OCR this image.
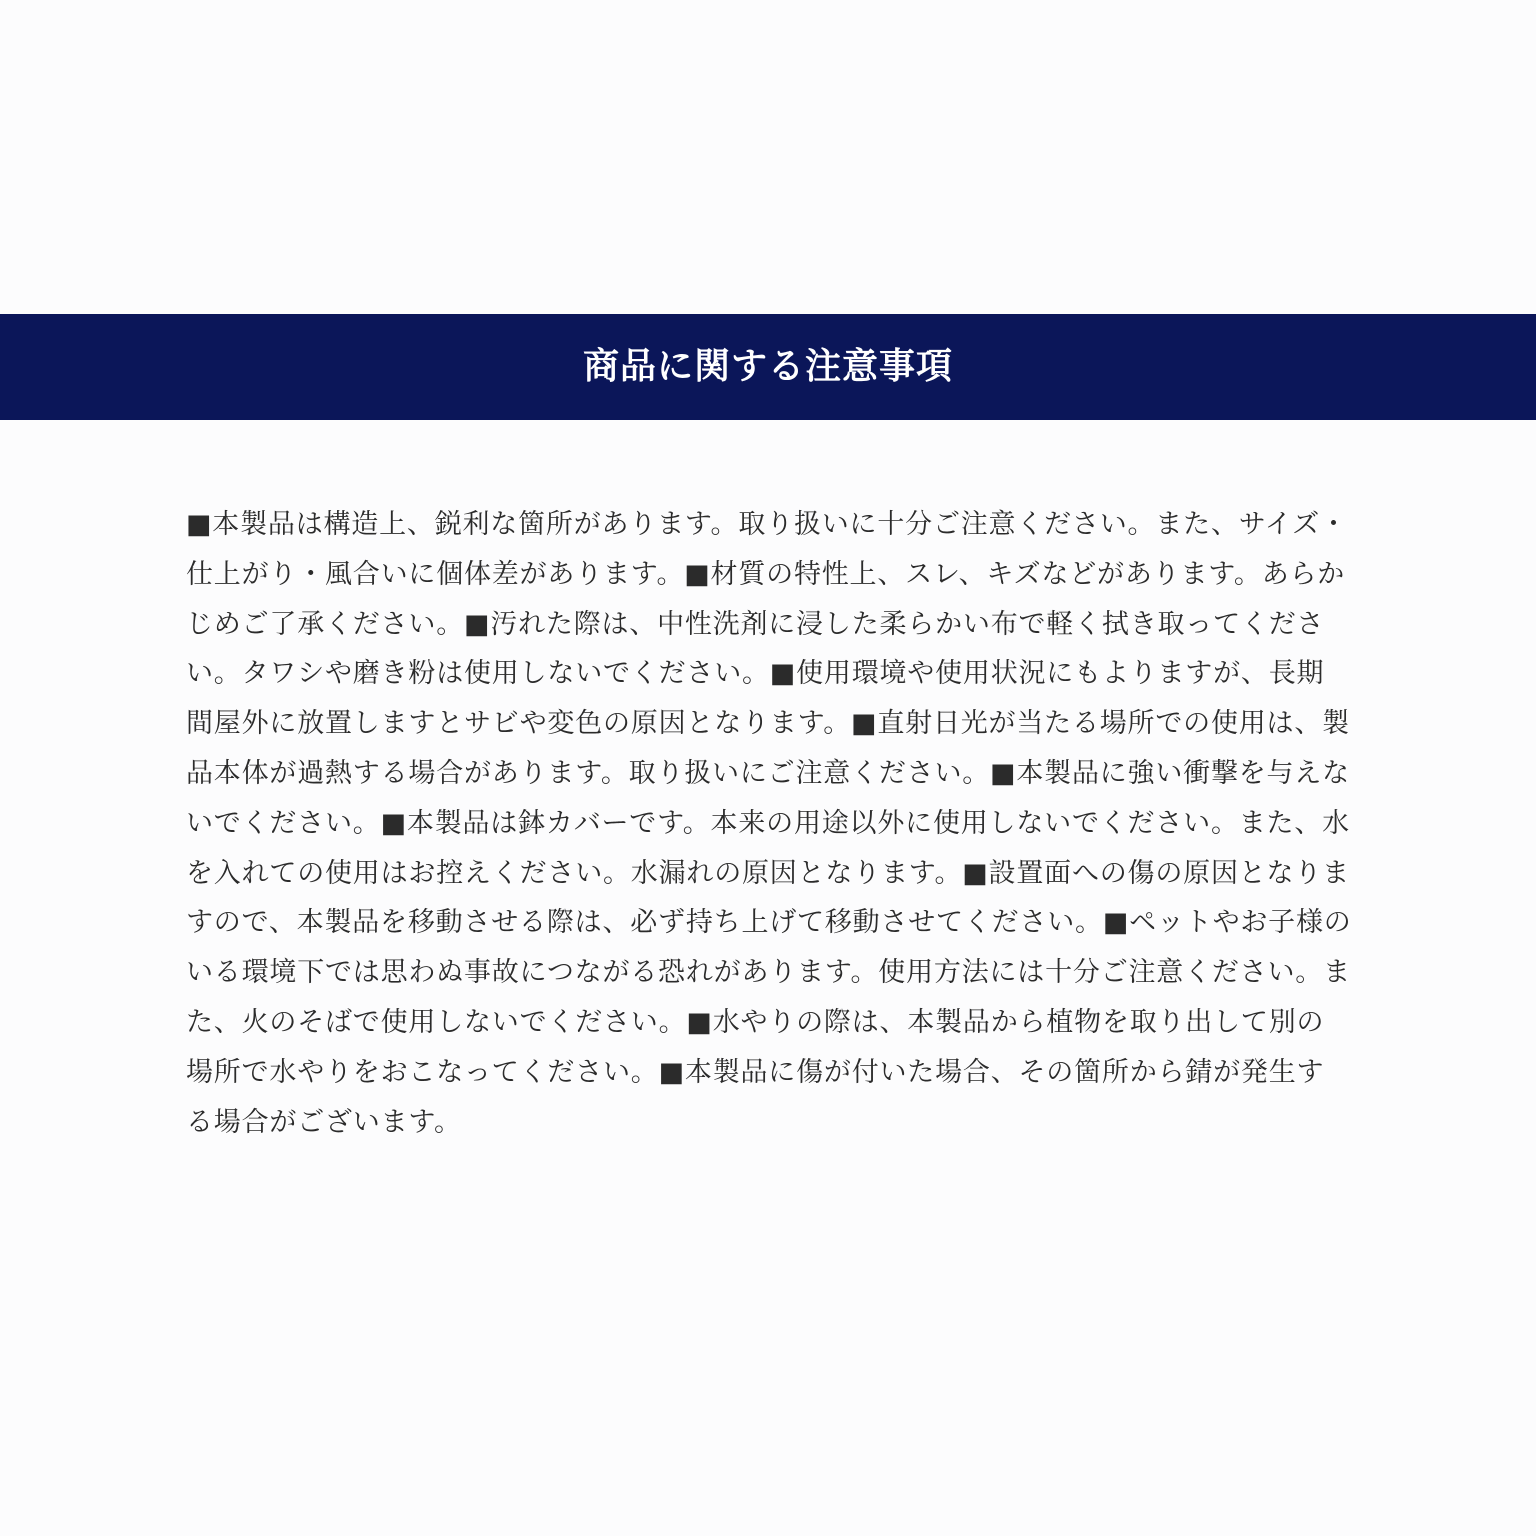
商品に関する注意事項

■本製品は構造上、鋭利な箇所があります。取り扱いに十分ご注意ください。また、サイズ・仕上がり・風合いに個体差があります。■材質の特性上、スレ、キズなどがあります。あらかじめご了承ください。■汚れた際は、中性洗剤に浸した柔らかい布で軽く拭き取ってください。タワシや磨き粉は使用しないでください。■使用環境や使用状況にもよりますが、長期間屋外に放置しますとサビや変色の原因となります。■直射日光が当たる場所での使用は、製品本体が過熱する場合があります。取り扱いにご注意ください。■本製品に強い衝撃を与えないでください。■本製品は鉢カバーです。本来の用途以外に使用しないでください。また、水を入れての使用はお控えください。水漏れの原因となります。■設置面への傷の原因となりますので、本製品を移動させる際は、必ず持ち上げて移動させてください。■ペットやお子様のいる環境下では思わぬ事故につながる恐れがあります。使用方法には十分ご注意ください。また、火のそばで使用しないでください。■水やりの際は、本製品から植物を取り出して別の場所で水やりをおこなってください。■本製品に傷が付いた場合、その箇所から錆が発生する場合がございます。
